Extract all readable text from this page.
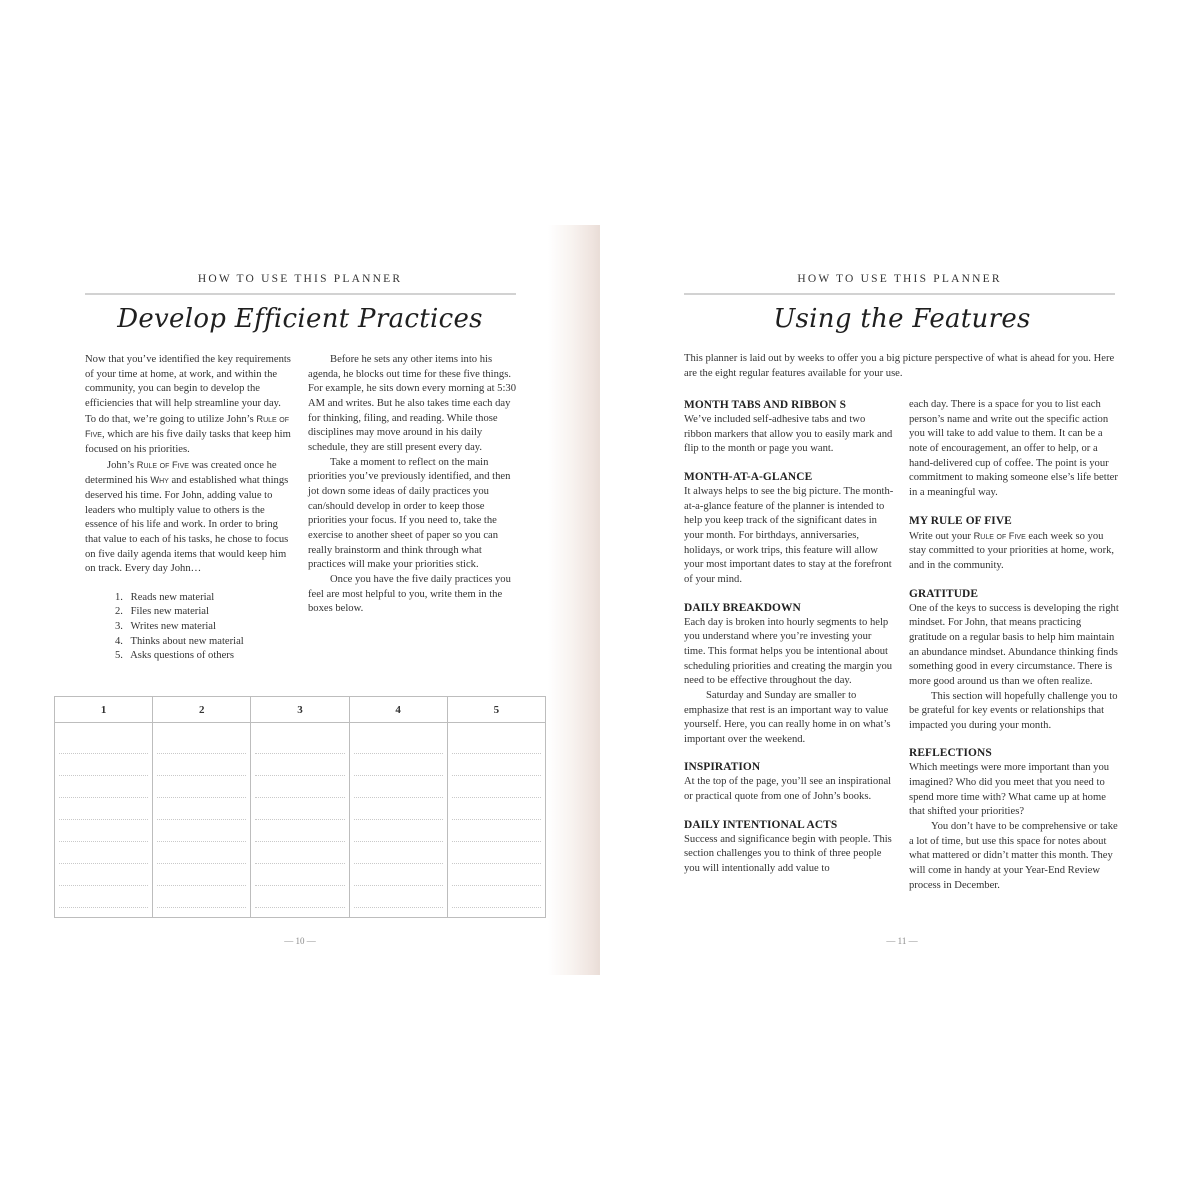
HOW TO USE THIS PLANNER
Develop Efficient Practices

Now that you’ve identified the key requirements of your time at home, at work, and within the community, you can begin to develop the efficiencies that will help streamline your day. To do that, we’re going to utilize John’s Rule of Five, which are his five daily tasks that keep him focused on his priorities.

John’s Rule of Five was created once he determined his Why and established what things deserved his time. For John, adding value to leaders who multiply value to others is the essence of his life and work. In order to bring that value to each of his tasks, he chose to focus on five daily agenda items that would keep him on track. Every day John…

1. Reads new material
2. Files new material
3. Writes new material
4. Thinks about new material
5. Asks questions of others

Before he sets any other items into his agenda, he blocks out time for these five things. For example, he sits down every morning at 5:30 AM and writes. But he also takes time each day for thinking, filing, and reading. While those disciplines may move around in his daily schedule, they are still present every day.

Take a moment to reflect on the main priorities you’ve previously identified, and then jot down some ideas of daily practices you can/should develop in order to keep those priorities your focus. If you need to, take the exercise to another sheet of paper so you can really brainstorm and think through what practices will make your priorities stick.

Once you have the five daily practices you feel are most helpful to you, write them in the boxes below.

1	2	3	4	5

— 10 —
HOW TO USE THIS PLANNER
Using the Features
This planner is laid out by weeks to offer you a big picture perspective of what is ahead for you. Here are the eight regular features available for your use.

MONTH TABS AND RIBBON S

We’ve included self-adhesive tabs and two ribbon markers that allow you to easily mark and flip to the month or page you want.

MONTH-AT-A-GLANCE

It always helps to see the big picture. The month-at-a-glance feature of the planner is intended to help you keep track of the significant dates in your month. For birthdays, anniversaries, holidays, or work trips, this feature will allow your most important dates to stay at the forefront of your mind.

DAILY BREAKDOWN

Each day is broken into hourly segments to help you understand where you’re investing your time. This format helps you be intentional about scheduling priorities and creating the margin you need to be effective throughout the day.

Saturday and Sunday are smaller to emphasize that rest is an important way to value yourself. Here, you can really home in on what’s important over the weekend.

INSPIRATION

At the top of the page, you’ll see an inspirational or practical quote from one of John’s books.

DAILY INTENTIONAL ACTS

Success and significance begin with people. This section challenges you to think of three people you will intentionally add value to

each day. There is a space for you to list each person’s name and write out the specific action you will take to add value to them. It can be a note of encouragement, an offer to help, or a hand-delivered cup of coffee. The point is your commitment to making someone else’s life better in a meaningful way.

MY RULE OF FIVE

Write out your Rule of Five each week so you stay committed to your priorities at home, work, and in the community.

GRATITUDE

One of the keys to success is developing the right mindset. For John, that means practicing gratitude on a regular basis to help him maintain an abundance mindset. Abundance thinking finds something good in every circumstance. There is more good around us than we often realize.

This section will hopefully challenge you to be grateful for key events or relationships that impacted you during your month.

REFLECTIONS

Which meetings were more important than you imagined? Who did you meet that you need to spend more time with? What came up at home that shifted your priorities?

You don’t have to be comprehensive or take a lot of time, but use this space for notes about what mattered or didn’t matter this month. They will come in handy at your Year-End Review process in December.

— 11 —
